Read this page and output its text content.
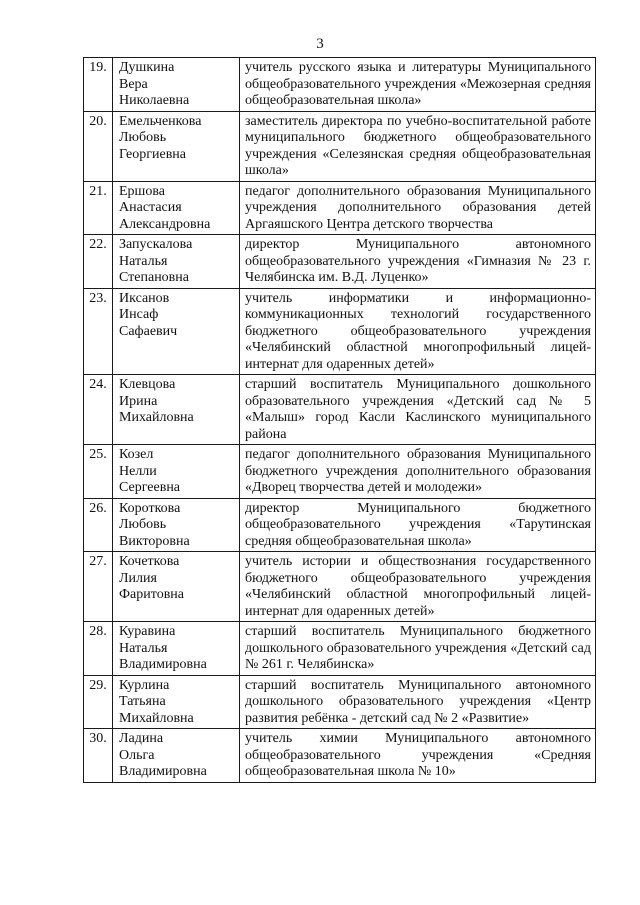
3
19.	Душкина
Вера
Николаевна	учитель русского языка и литературы Муниципального общеобразовательного учреждения «Межозерная средняя общеобразовательная школа»
20.	Емельченкова
Любовь
Георгиевна	заместитель директора по учебно-воспитательной работе муниципального бюджетного общеобразовательного учреждения «Селезянская средняя общеобразовательная школа»
21.	Ершова
Анастасия
Александровна	педагог дополнительного образования Муниципального учреждения дополнительного образования детей Аргаяшского Центра детского творчества
22.	Запускалова
Наталья
Степановна	директор Муниципального автономного общеобразовательного учреждения «Гимназия № 23 г. Челябинска им. В.Д. Луценко»
23.	Иксанов
Инсаф
Сафаевич	учитель информатики и информационно-коммуникационных технологий государственного бюджетного общеобразовательного учреждения «Челябинский областной многопрофильный лицей-интернат для одаренных детей»
24.	Клевцова
Ирина
Михайловна	старший воспитатель Муниципального дошкольного образовательного учреждения «Детский сад № 5 «Малыш» город Касли Каслинского муниципального района
25.	Козел
Нелли
Сергеевна	педагог дополнительного образования Муниципального бюджетного учреждения дополнительного образования «Дворец творчества детей и молодежи»
26.	Короткова
Любовь
Викторовна	директор Муниципального бюджетного общеобразовательного учреждения «Тарутинская средняя общеобразовательная школа»
27.	Кочеткова
Лилия
Фаритовна	учитель истории и обществознания государственного бюджетного общеобразовательного учреждения «Челябинский областной многопрофильный лицей-интернат для одаренных детей»
28.	Куравина
Наталья
Владимировна	старший воспитатель Муниципального бюджетного дошкольного образовательного учреждения «Детский сад № 261 г. Челябинска»
29.	Курлина
Татьяна
Михайловна	старший воспитатель Муниципального автономного дошкольного образовательного учреждения «Центр развития ребёнка - детский сад № 2 «Развитие»
30.	Ладина
Ольга
Владимировна	учитель химии Муниципального автономного общеобразовательного учреждения «Средняя общеобразовательная школа № 10»
